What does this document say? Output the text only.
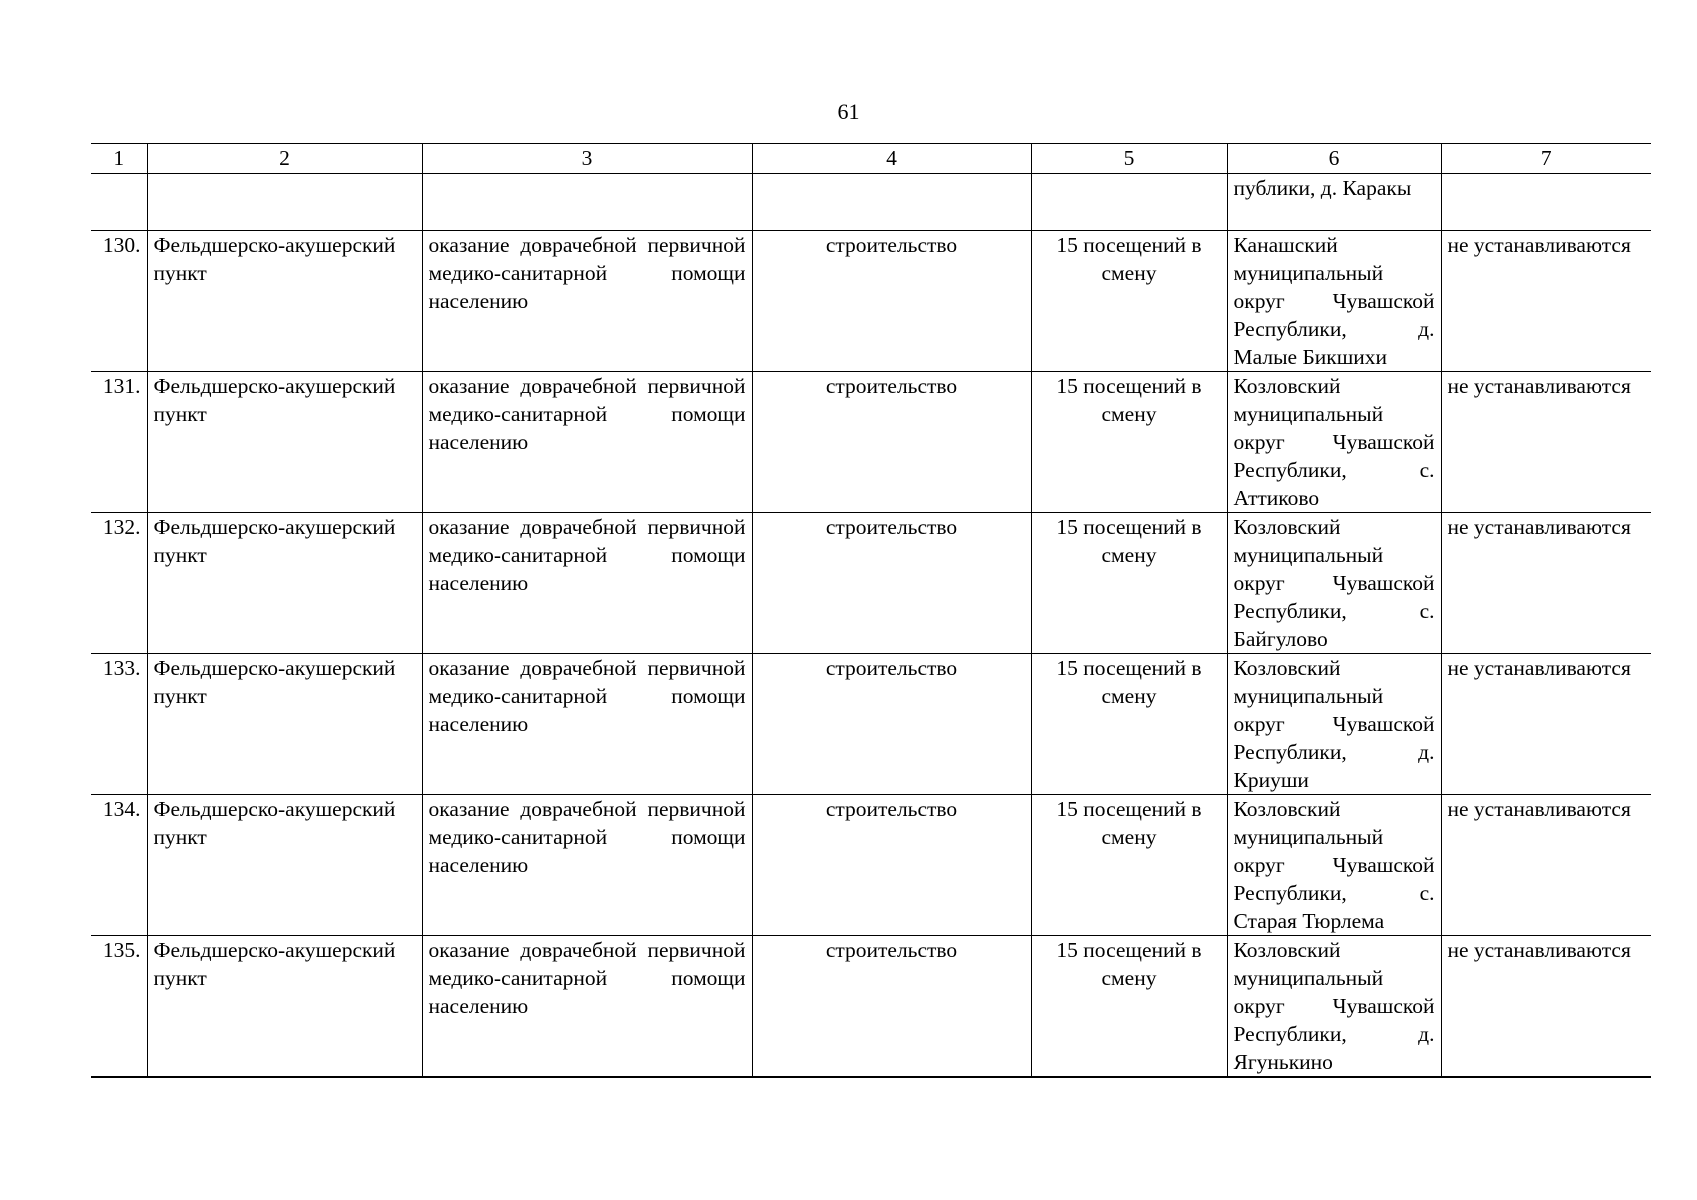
61
1	2	3	4	5	6	7
					публики, д. Каракы	
130.	Фельдшерско-акушерский пункт	оказание доврачебной первичной медико-санитарной помощи населению	строительство	15 посещений в смену	Канашский муниципальный округ Чувашской Республики, д. Малые Бикшихи	не устанавливаются
131.	Фельдшерско-акушерский пункт	оказание доврачебной первичной медико-санитарной помощи населению	строительство	15 посещений в смену	Козловский муниципальный округ Чувашской Республики, с. Аттиково	не устанавливаются
132.	Фельдшерско-акушерский пункт	оказание доврачебной первичной медико-санитарной помощи населению	строительство	15 посещений в смену	Козловский муниципальный округ Чувашской Республики, с. Байгулово	не устанавливаются
133.	Фельдшерско-акушерский пункт	оказание доврачебной первичной медико-санитарной помощи населению	строительство	15 посещений в смену	Козловский муниципальный округ Чувашской Республики, д. Криуши	не устанавливаются
134.	Фельдшерско-акушерский пункт	оказание доврачебной первичной медико-санитарной помощи населению	строительство	15 посещений в смену	Козловский муниципальный округ Чувашской Республики, с. Старая Тюрлема	не устанавливаются
135.	Фельдшерско-акушерский пункт	оказание доврачебной первичной медико-санитарной помощи населению	строительство	15 посещений в смену	Козловский муниципальный округ Чувашской Республики, д. Ягунькино	не устанавливаются
